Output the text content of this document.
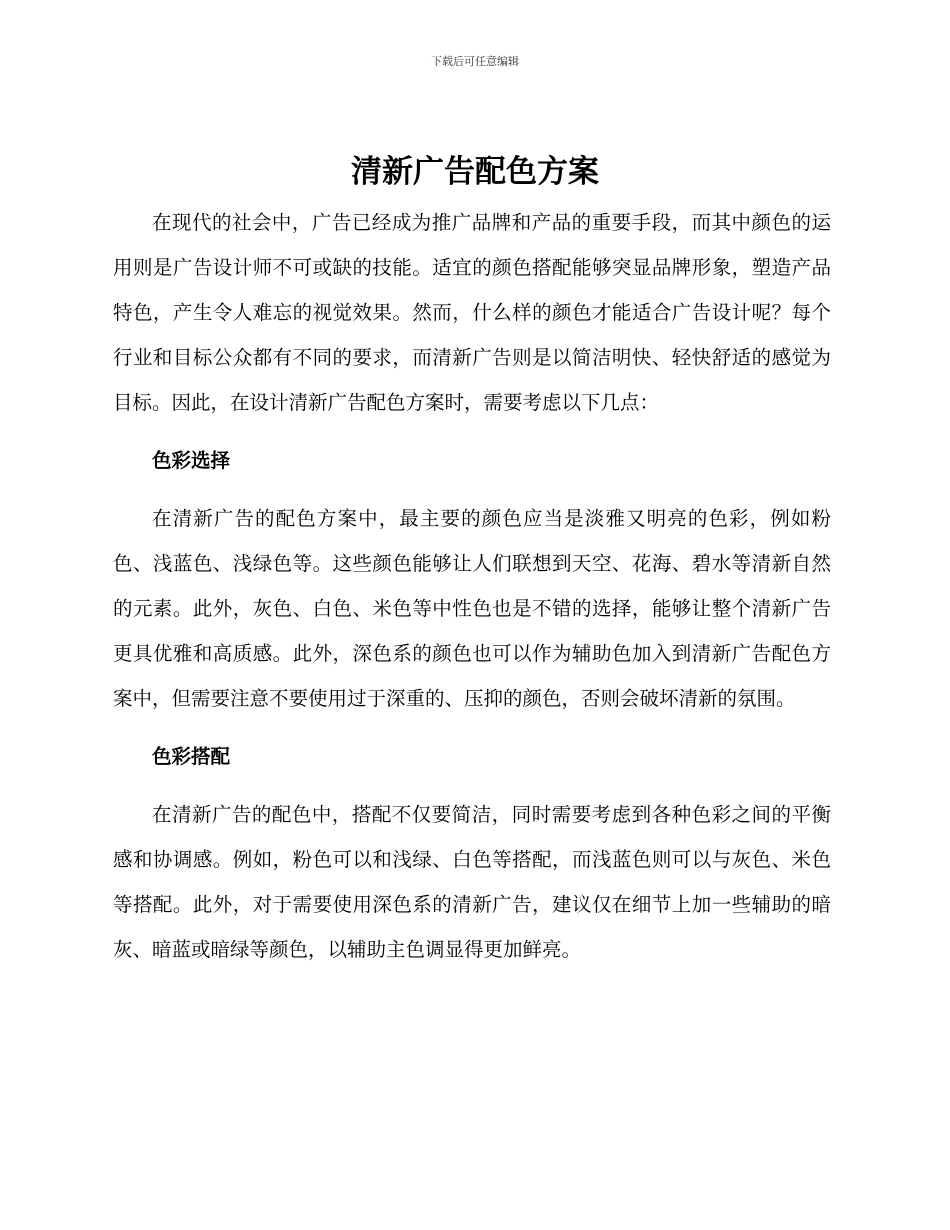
下载后可任意编辑
清新广告配色方案

在现代的社会中，广告已经成为推广品牌和产品的重要手段，而其中颜色的运用则是广告设计师不可或缺的技能。适宜的颜色搭配能够突显品牌形象，塑造产品特色，产生令人难忘的视觉效果。然而，什么样的颜色才能适合广告设计呢？每个行业和目标公众都有不同的要求，而清新广告则是以简洁明快、轻快舒适的感觉为目标。因此，在设计清新广告配色方案时，需要考虑以下几点：

色彩选择

在清新广告的配色方案中，最主要的颜色应当是淡雅又明亮的色彩，例如粉色、浅蓝色、浅绿色等。这些颜色能够让人们联想到天空、花海、碧水等清新自然的元素。此外，灰色、白色、米色等中性色也是不错的选择，能够让整个清新广告更具优雅和高质感。此外，深色系的颜色也可以作为辅助色加入到清新广告配色方案中，但需要注意不要使用过于深重的、压抑的颜色，否则会破坏清新的氛围。

色彩搭配

在清新广告的配色中，搭配不仅要简洁，同时需要考虑到各种色彩之间的平衡感和协调感。例如，粉色可以和浅绿、白色等搭配，而浅蓝色则可以与灰色、米色等搭配。此外，对于需要使用深色系的清新广告，建议仅在细节上加一些辅助的暗灰、暗蓝或暗绿等颜色，以辅助主色调显得更加鲜亮。
